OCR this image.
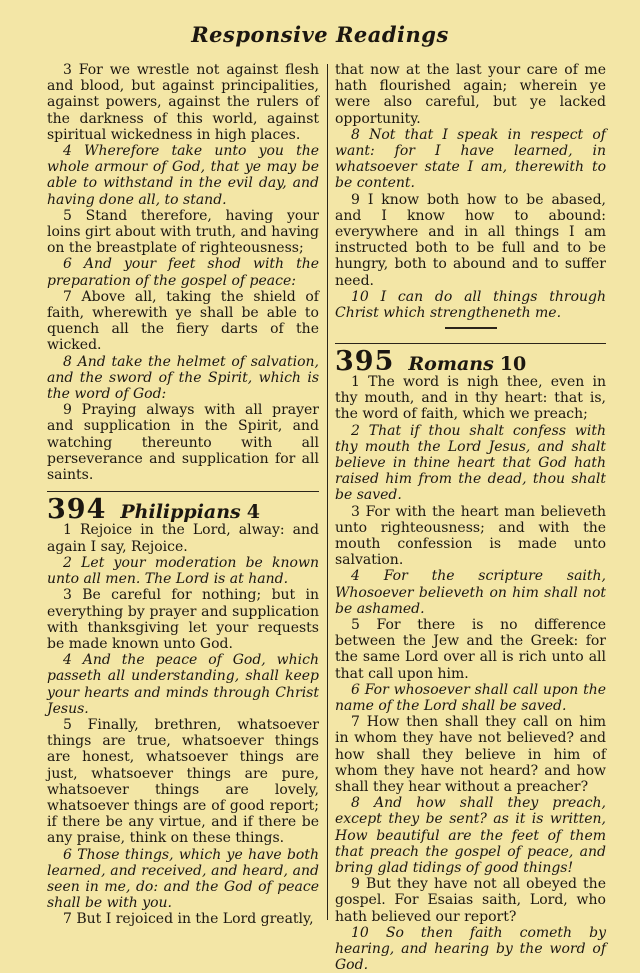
Responsive Readings

3 For we wrestle not against flesh and blood, but against principalities, against powers, against the rulers of the darkness of this world, against spiritual wickedness in high places.

4 Wherefore take unto you the whole armour of God, that ye may be able to withstand in the evil day, and having done all, to stand.

5 Stand therefore, having your loins girt about with truth, and having on the breastplate of righteousness;

6 And your feet shod with the preparation of the gospel of peace:

7 Above all, taking the shield of faith, wherewith ye shall be able to quench all the fiery darts of the wicked.

8 And take the helmet of salvation, and the sword of the Spirit, which is the word of God:

9 Praying always with all prayer and supplication in the Spirit, and watching thereunto with all perseverance and supplication for all saints.

394 Philippians 4

1 Rejoice in the Lord, alway: and again I say, Rejoice.

2 Let your moderation be known unto all men. The Lord is at hand.

3 Be careful for nothing; but in everything by prayer and supplication with thanksgiving let your requests be made known unto God.

4 And the peace of God, which passeth all understanding, shall keep your hearts and minds through Christ Jesus.

5 Finally, brethren, whatsoever things are true, whatsoever things are honest, whatsoever things are just, whatsoever things are pure, whatsoever things are lovely, whatsoever things are of good report; if there be any virtue, and if there be any praise, think on these things.

6 Those things, which ye have both learned, and received, and heard, and seen in me, do: and the God of peace shall be with you.

7 But I rejoiced in the Lord greatly,

that now at the last your care of me hath flourished again; wherein ye were also careful, but ye lacked opportunity.

8 Not that I speak in respect of want: for I have learned, in whatsoever state I am, therewith to be content.

9 I know both how to be abased, and I know how to abound: everywhere and in all things I am instructed both to be full and to be hungry, both to abound and to suffer need.

10 I can do all things through Christ which strengtheneth me.

395 Romans 10

1 The word is nigh thee, even in thy mouth, and in thy heart: that is, the word of faith, which we preach;

2 That if thou shalt confess with thy mouth the Lord Jesus, and shalt believe in thine heart that God hath raised him from the dead, thou shalt be saved.

3 For with the heart man believeth unto righteousness; and with the mouth confession is made unto salvation.

4 For the scripture saith, Whosoever believeth on him shall not be ashamed.

5 For there is no difference between the Jew and the Greek: for the same Lord over all is rich unto all that call upon him.

6 For whosoever shall call upon the name of the Lord shall be saved.

7 How then shall they call on him in whom they have not believed? and how shall they believe in him of whom they have not heard? and how shall they hear without a preacher?

8 And how shall they preach, except they be sent? as it is written, How beautiful are the feet of them that preach the gospel of peace, and bring glad tidings of good things!

9 But they have not all obeyed the gospel. For Esaias saith, Lord, who hath believed our report?

10 So then faith cometh by hearing, and hearing by the word of God.
